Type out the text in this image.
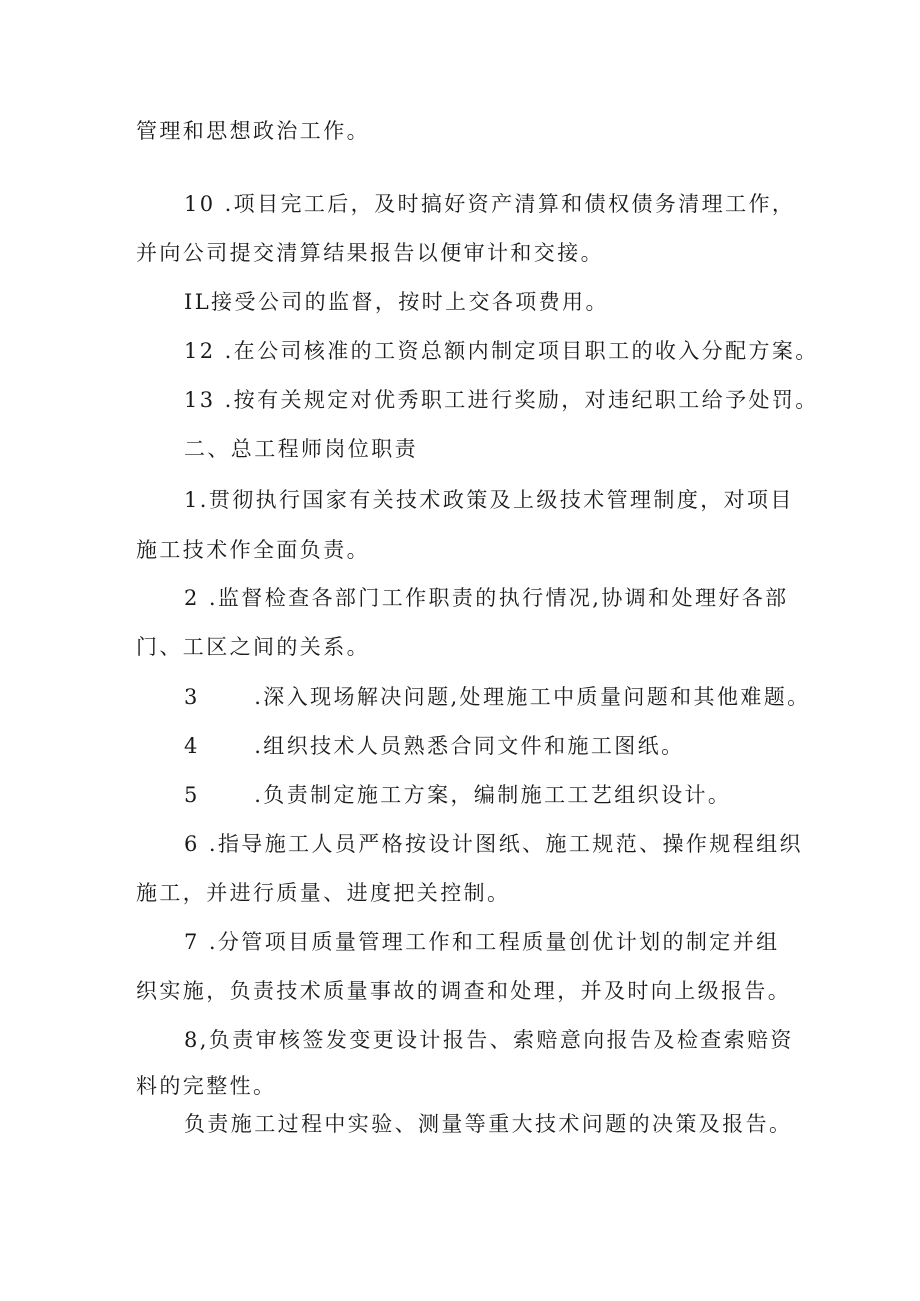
管理和思想政治工作。
10 .项目完工后，及时搞好资产清算和债权债务清理工作，
并向公司提交清算结果报告以便审计和交接。
IL接受公司的监督，按时上交各项费用。
12 .在公司核准的工资总额内制定项目职工的收入分配方案。
13 .按有关规定对优秀职工进行奖励，对违纪职工给予处罚。
二、总工程师岗位职责
1.贯彻执行国家有关技术政策及上级技术管理制度，对项目
施工技术作全面负责。
2 .监督检查各部门工作职责的执行情况,协调和处理好各部
门、工区之间的关系。
3      .深入现场解决问题,处理施工中质量问题和其他难题。
4      .组织技术人员熟悉合同文件和施工图纸。
5      .负责制定施工方案，编制施工工艺组织设计。
6 .指导施工人员严格按设计图纸、施工规范、操作规程组织
施工，并进行质量、进度把关控制。
7 .分管项目质量管理工作和工程质量创优计划的制定并组
织实施，负责技术质量事故的调查和处理，并及时向上级报告。
8,负责审核签发变更设计报告、索赔意向报告及检查索赔资
料的完整性。
负责施工过程中实验、测量等重大技术问题的决策及报告。
